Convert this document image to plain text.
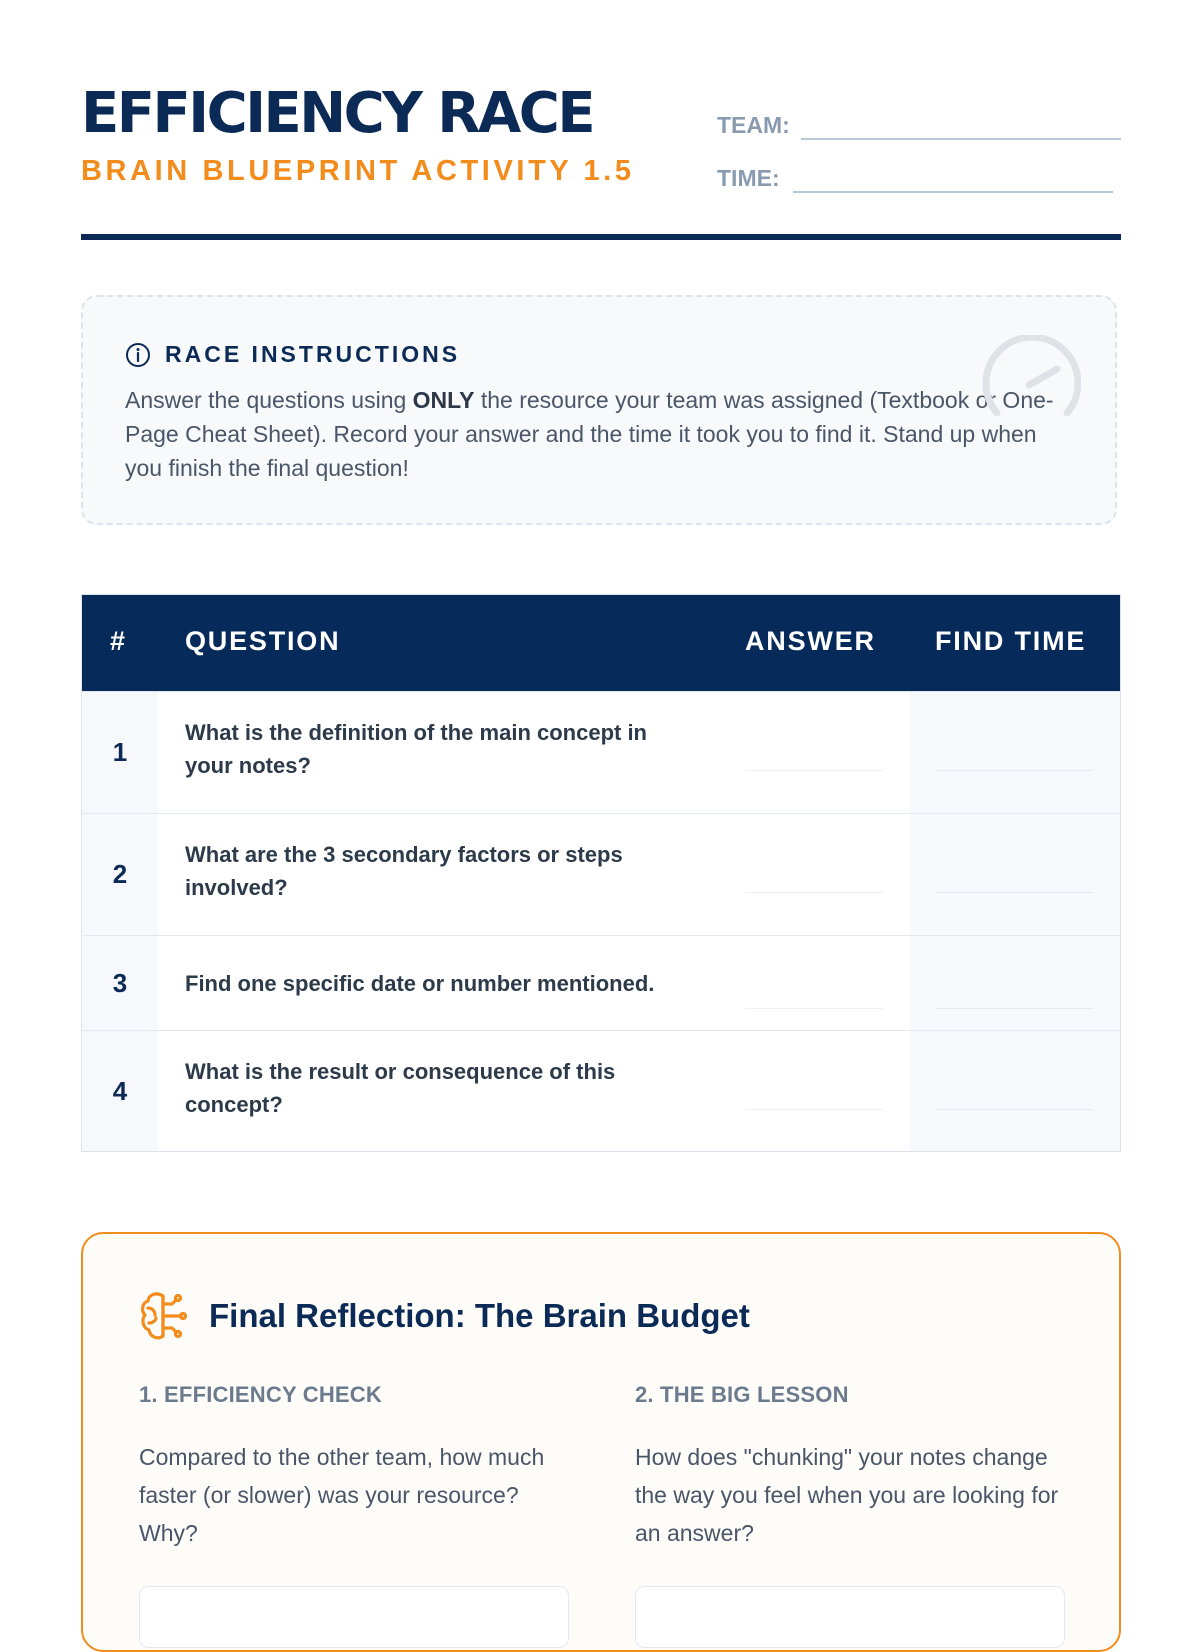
EFFICIENCY RACE
BRAIN BLUEPRINT ACTIVITY 1.5
TEAM:
TIME:
RACE INSTRUCTIONS
Answer the questions using ONLY the resource your team was assigned (Textbook or One-Page Cheat Sheet). Record your answer and the time it took you to find it. Stand up when you finish the final question!
# QUESTION	ANSWER FIND TIME
1
What is the definition of the main concept in your notes?
2
What are the 3 secondary factors or steps involved?
3	Find one specific date or number mentioned.
4
What is the result or consequence of this concept?
Final Reflection: The Brain Budget
1. EFFICIENCY CHECK
Compared to the other team, how much faster (or slower) was your resource? Why?
2. THE BIG LESSON
How does "chunking" your notes change the way you feel when you are looking for an answer?
